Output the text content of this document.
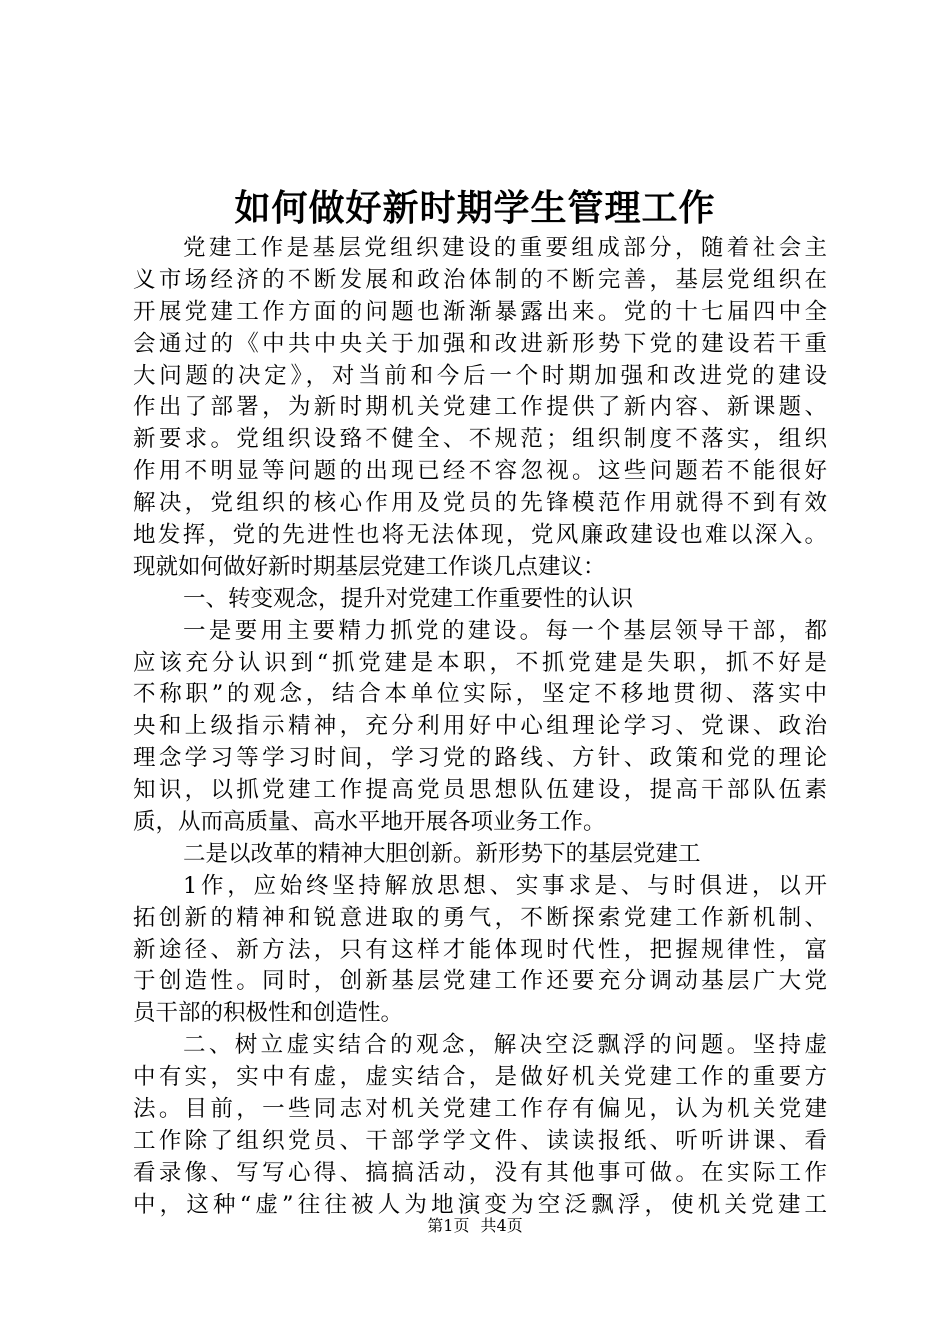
如何做好新时期学生管理工作
党建工作是基层党组织建设的重要组成部分，随着社会主
义市场经济的不断发展和政治体制的不断完善，基层党组织在
开展党建工作方面的问题也渐渐暴露出来。党的十七届四中全
会通过的《中共中央关于加强和改进新形势下党的建设若干重
大问题的决定》，对当前和今后一个时期加强和改进党的建设
作出了部署，为新时期机关党建工作提供了新内容、新课题、
新要求。党组织设臵不健全、不规范；组织制度不落实，组织
作用不明显等问题的出现已经不容忽视。这些问题若不能很好
解决，党组织的核心作用及党员的先锋模范作用就得不到有效
地发挥，党的先进性也将无法体现，党风廉政建设也难以深入。
现就如何做好新时期基层党建工作谈几点建议：
一、转变观念，提升对党建工作重要性的认识
一是要用主要精力抓党的建设。每一个基层领导干部，都
应该充分认识到“抓党建是本职，不抓党建是失职，抓不好是
不称职”的观念，结合本单位实际，坚定不移地贯彻、落实中
央和上级指示精神，充分利用好中心组理论学习、党课、政治
理念学习等学习时间，学习党的路线、方针、政策和党的理论
知识，以抓党建工作提高党员思想队伍建设，提高干部队伍素
质，从而高质量、高水平地开展各项业务工作。
二是以改革的精神大胆创新。新形势下的基层党建工
1作，应始终坚持解放思想、实事求是、与时俱进，以开
拓创新的精神和锐意进取的勇气，不断探索党建工作新机制、
新途径、新方法，只有这样才能体现时代性，把握规律性，富
于创造性。同时，创新基层党建工作还要充分调动基层广大党
员干部的积极性和创造性。
二、树立虚实结合的观念，解决空泛飘浮的问题。坚持虚
中有实，实中有虚，虚实结合，是做好机关党建工作的重要方
法。目前，一些同志对机关党建工作存有偏见，认为机关党建
工作除了组织党员、干部学学文件、读读报纸、听听讲课、看
看录像、写写心得、搞搞活动，没有其他事可做。在实际工作
中，这种“虚”往往被人为地演变为空泛飘浮，使机关党建工
第1页 共4页
